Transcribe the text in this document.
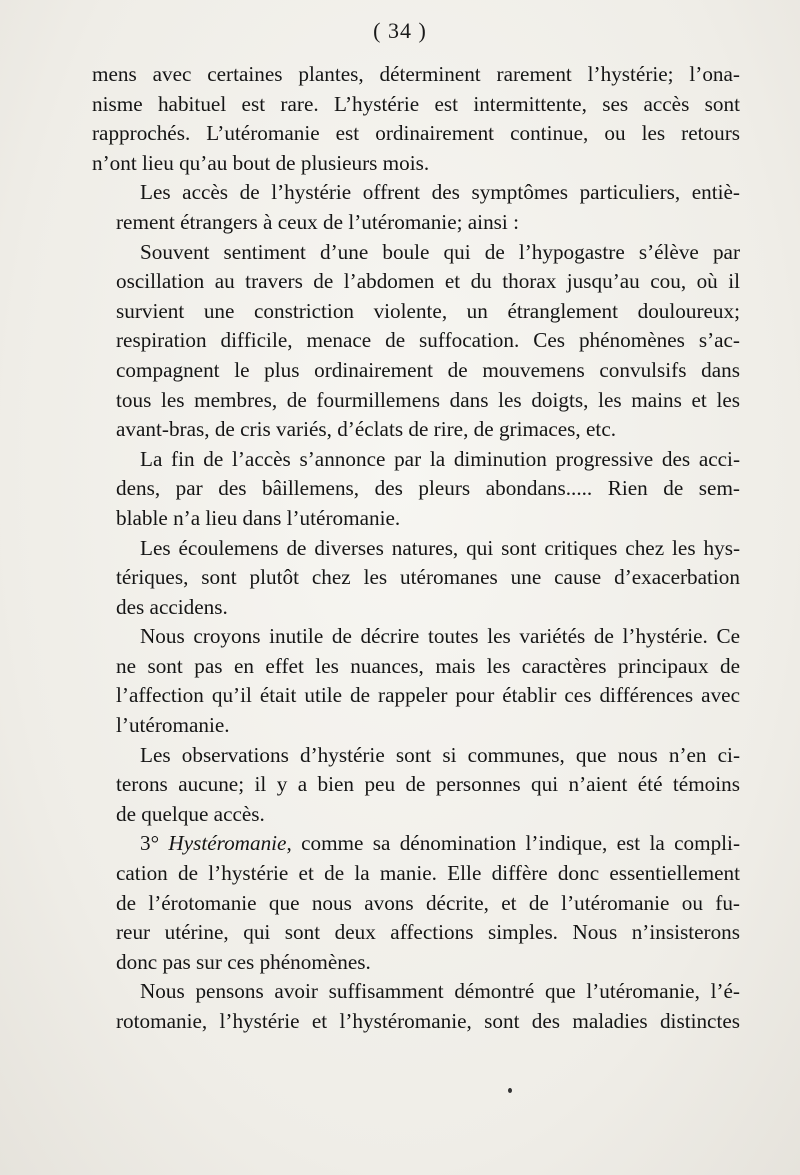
( 34 )

mens avec certaines plantes, déterminent rarement l’hystérie; l’ona-
nisme habituel est rare. L’hystérie est intermittente, ses accès sont
rapprochés. L’utéromanie est ordinairement continue, ou les retours
n’ont lieu qu’au bout de plusieurs mois.

Les accès de l’hystérie offrent des symptômes particuliers, entiè-
rement étrangers à ceux de l’utéromanie; ainsi :

Souvent sentiment d’une boule qui de l’hypogastre s’élève par
oscillation au travers de l’abdomen et du thorax jusqu’au cou, où il
survient une constriction violente, un étranglement douloureux;
respiration difficile, menace de suffocation. Ces phénomènes s’ac-
compagnent le plus ordinairement de mouvemens convulsifs dans
tous les membres, de fourmillemens dans les doigts, les mains et les
avant-bras, de cris variés, d’éclats de rire, de grimaces, etc.

La fin de l’accès s’annonce par la diminution progressive des acci-
dens, par des bâillemens, des pleurs abondans..... Rien de sem-
blable n’a lieu dans l’utéromanie.

Les écoulemens de diverses natures, qui sont critiques chez les hys-
tériques, sont plutôt chez les utéromanes une cause d’exacerbation
des accidens.

Nous croyons inutile de décrire toutes les variétés de l’hystérie. Ce
ne sont pas en effet les nuances, mais les caractères principaux de
l’affection qu’il était utile de rappeler pour établir ces différences avec
l’utéromanie.

Les observations d’hystérie sont si communes, que nous n’en ci-
terons aucune; il y a bien peu de personnes qui n’aient été témoins
de quelque accès.

3° Hystéromanie, comme sa dénomination l’indique, est la compli-
cation de l’hystérie et de la manie. Elle diffère donc essentiellement
de l’érotomanie que nous avons décrite, et de l’utéromanie ou fu-
reur utérine, qui sont deux affections simples. Nous n’insisterons
donc pas sur ces phénomènes.

Nous pensons avoir suffisamment démontré que l’utéromanie, l’é-
rotomanie, l’hystérie et l’hystéromanie, sont des maladies distinctes
